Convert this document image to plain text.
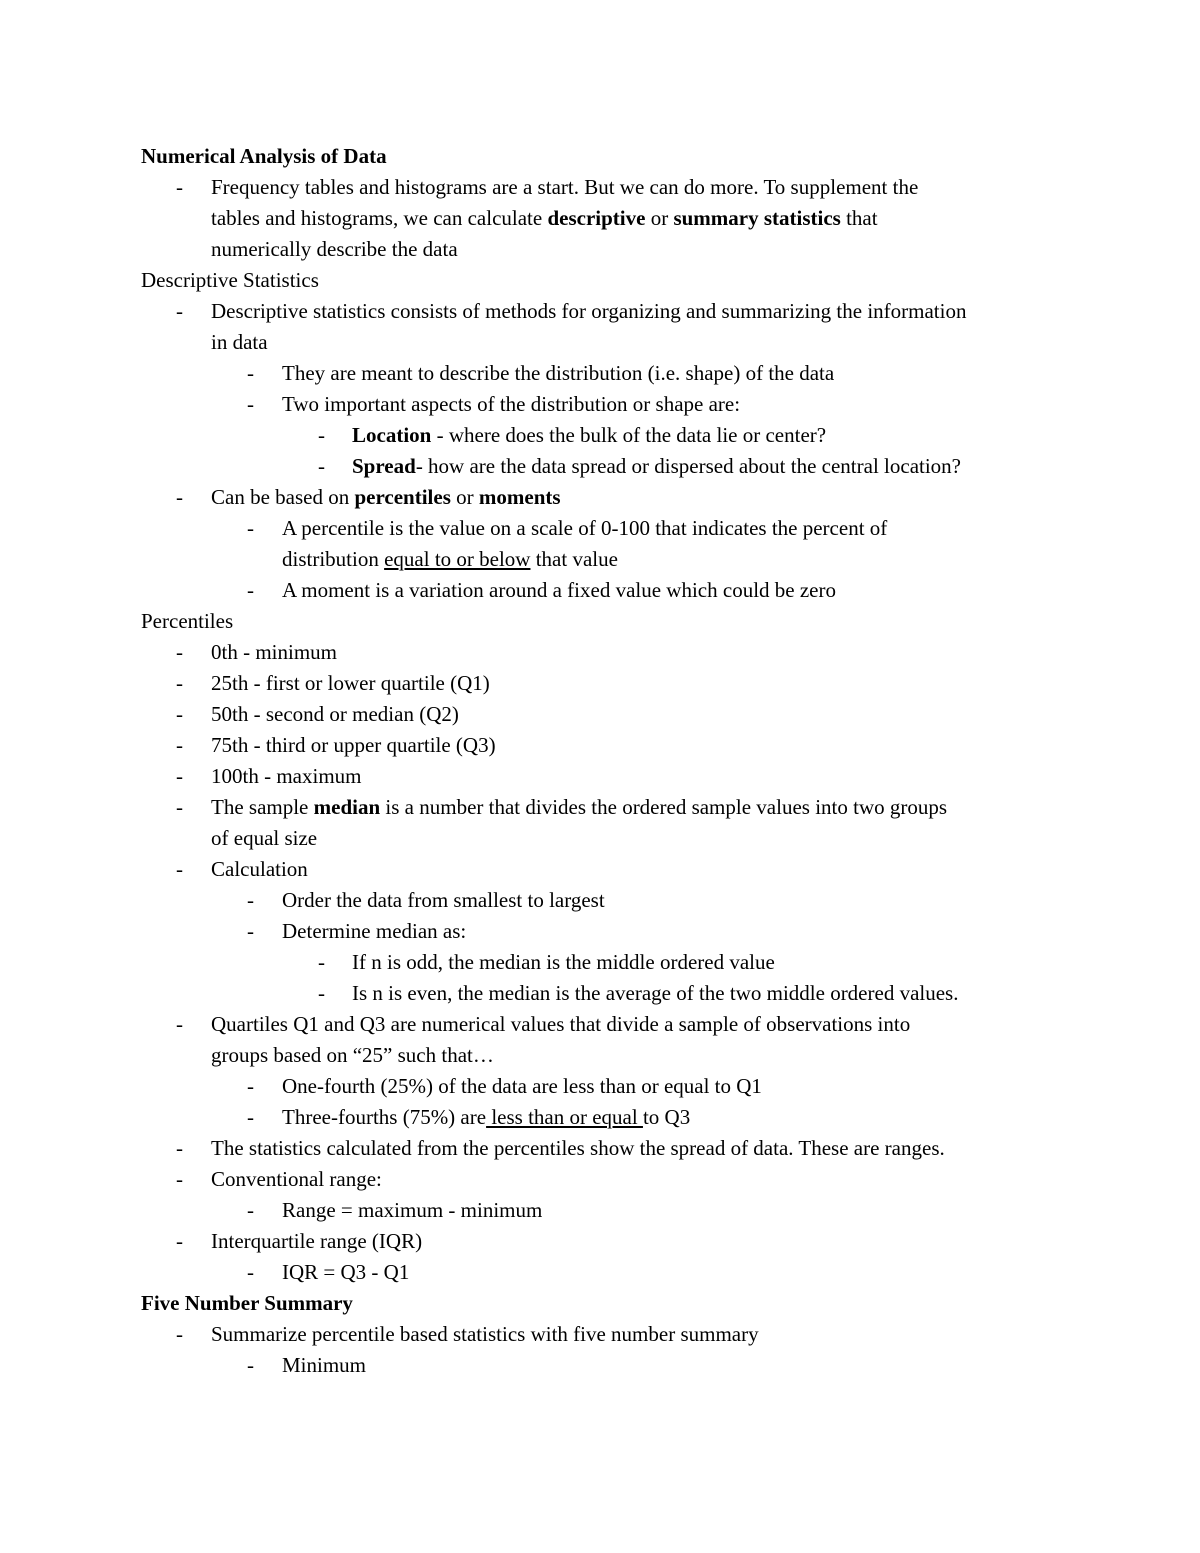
Numerical Analysis of Data
- Frequency tables and histograms are a start. But we can do more. To supplement the
tables and histograms, we can calculate descriptive or summary statistics that
numerically describe the data
Descriptive Statistics
- Descriptive statistics consists of methods for organizing and summarizing the information
in data
- They are meant to describe the distribution (i.e. shape) of the data
- Two important aspects of the distribution or shape are:
- Location - where does the bulk of the data lie or center?
- Spread- how are the data spread or dispersed about the central location?
- Can be based on percentiles or moments
- A percentile is the value on a scale of 0-100 that indicates the percent of
distribution equal to or below that value
- A moment is a variation around a fixed value which could be zero
Percentiles
- 0th - minimum
- 25th - first or lower quartile (Q1)
- 50th - second or median (Q2)
- 75th - third or upper quartile (Q3)
- 100th - maximum
- The sample median is a number that divides the ordered sample values into two groups
of equal size
- Calculation
- Order the data from smallest to largest
- Determine median as:
- If n is odd, the median is the middle ordered value
- Is n is even, the median is the average of the two middle ordered values.
- Quartiles Q1 and Q3 are numerical values that divide a sample of observations into
groups based on “25” such that…
- One-fourth (25%) of the data are less than or equal to Q1
- Three-fourths (75%) are less than or equal to Q3
- The statistics calculated from the percentiles show the spread of data. These are ranges.
- Conventional range:
- Range = maximum - minimum
- Interquartile range (IQR)
- IQR = Q3 - Q1
Five Number Summary
- Summarize percentile based statistics with five number summary
- Minimum
